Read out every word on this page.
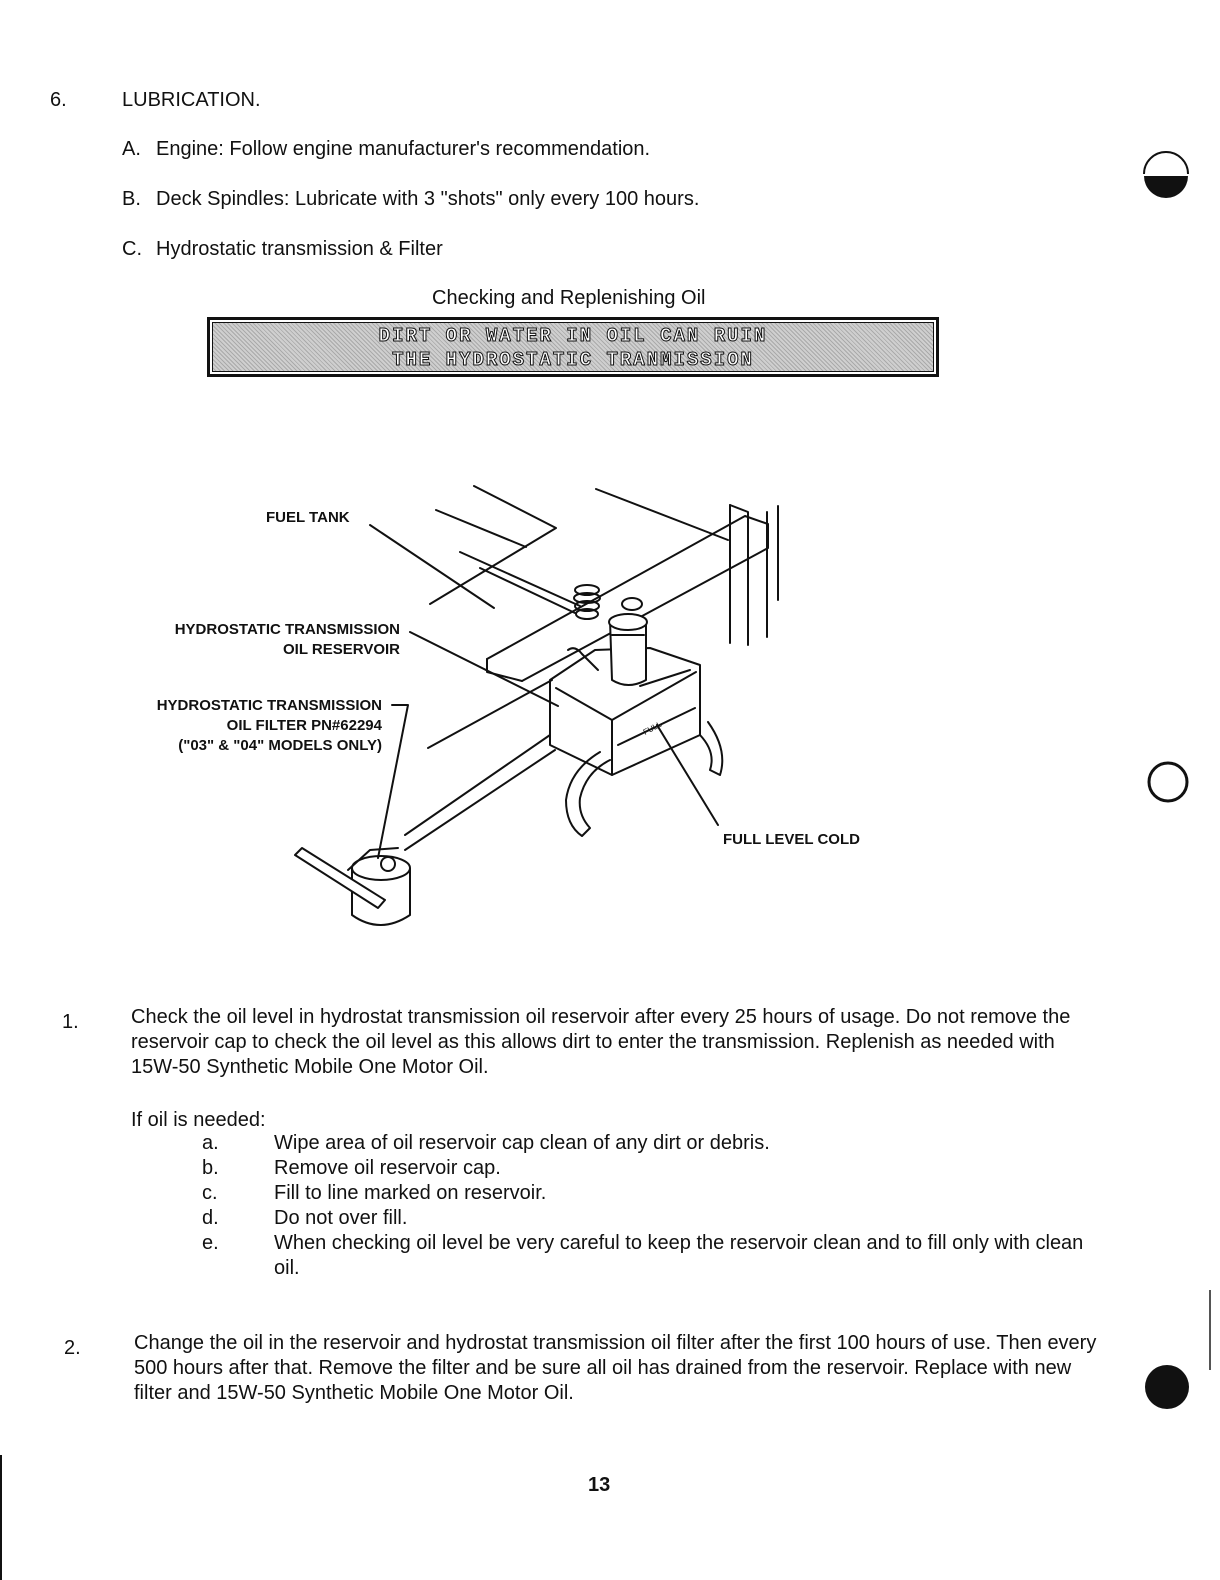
6.	LUBRICATION.
A. Engine: Follow engine manufacturer's recommendation.
B. Deck Spindles: Lubricate with 3 "shots" only every 100 hours.
C. Hydrostatic transmission & Filter
Checking and Replenishing Oil
DIRT OR WATER IN OIL CAN RUIN
THE HYDROSTATIC TRANMISSION
FULL
FUEL TANK
HYDROSTATIC TRANSMISSION
OIL RESERVOIR
HYDROSTATIC TRANSMISSION
OIL FILTER PN#62294
("03" & "04" MODELS ONLY)
FULL LEVEL COLD
1.	Check the oil level in hydrostat transmission oil reservoir after every 25 hours of usage. Do not remove the reservoir cap to check the oil level as this allows dirt to enter the transmission. Replenish as needed with 15W-50 Synthetic Mobile One Motor Oil.
If oil is needed:
a.	Wipe area of oil reservoir cap clean of any dirt or debris.
b.	Remove oil reservoir cap.
c.	Fill to line marked on reservoir.
d.	Do not over fill.
e.	When checking oil level be very careful to keep the reservoir clean and to fill only with clean oil.
2.	Change the oil in the reservoir and hydrostat transmission oil filter after the first 100 hours of use. Then every 500 hours after that. Remove the filter and be sure all oil has drained from the reservoir. Replace with new filter and 15W-50 Synthetic Mobile One Motor Oil.
13
